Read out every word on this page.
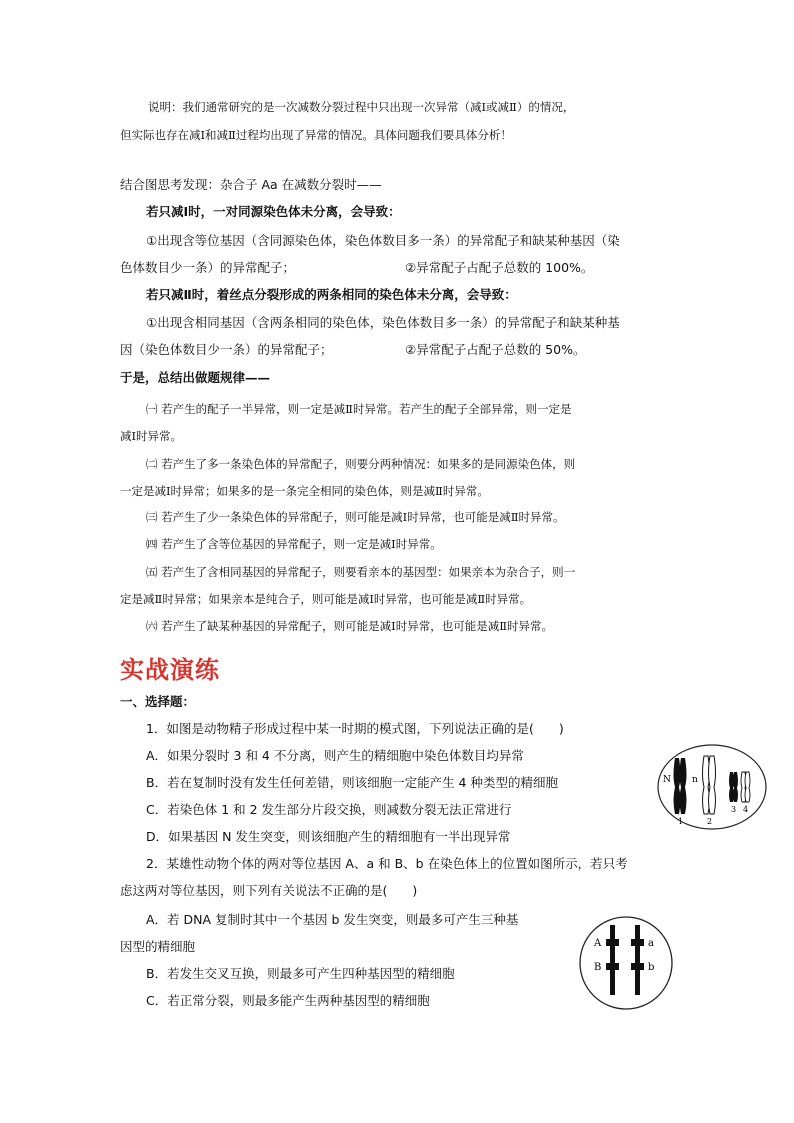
说明：我们通常研究的是一次减数分裂过程中只出现一次异常（减Ⅰ或减Ⅱ）的情况，
但实际也存在减Ⅰ和减Ⅱ过程均出现了异常的情况。具体问题我们要具体分析！
结合图思考发现：杂合子 Aa 在减数分裂时——
若只减Ⅰ时，一对同源染色体未分离，会导致：
①出现含等位基因（含同源染色体，染色体数目多一条）的异常配子和缺某种基因（染
色体数目少一条）的异常配子；	②异常配子占配子总数的 100%。
若只减Ⅱ时，着丝点分裂形成的两条相同的染色体未分离，会导致：
①出现含相同基因（含两条相同的染色体，染色体数目多一条）的异常配子和缺某种基
因（染色体数目少一条）的异常配子；	②异常配子占配子总数的 50%。
于是，总结出做题规律——
㈠ 若产生的配子一半异常，则一定是减Ⅱ时异常。若产生的配子全部异常，则一定是
减Ⅰ时异常。
㈡ 若产生了多一条染色体的异常配子，则要分两种情况：如果多的是同源染色体，则
一定是减Ⅰ时异常；如果多的是一条完全相同的染色体，则是减Ⅱ时异常。
㈢ 若产生了少一条染色体的异常配子，则可能是减Ⅰ时异常，也可能是减Ⅱ时异常。
㈣ 若产生了含等位基因的异常配子，则一定是减Ⅰ时异常。
㈤ 若产生了含相同基因的异常配子，则要看亲本的基因型：如果亲本为杂合子，则一
定是减Ⅱ时异常；如果亲本是纯合子，则可能是减Ⅰ时异常，也可能是减Ⅱ时异常。
㈥ 若产生了缺某种基因的异常配子，则可能是减Ⅰ时异常，也可能是减Ⅱ时异常。
实战演练
一、选择题：
1．如图是动物精子形成过程中某一时期的模式图，下列说法正确的是(　　)
A．如果分裂时 3 和 4 不分离，则产生的精细胞中染色体数目均异常
B．若在复制时没有发生任何差错，则该细胞一定能产生 4 种类型的精细胞
C．若染色体 1 和 2 发生部分片段交换，则减数分裂无法正常进行
D．如果基因 N 发生突变，则该细胞产生的精细胞有一半出现异常
N n
1	2
3 4
2．某雄性动物个体的两对等位基因 A、a 和 B、b 在染色体上的位置如图所示，若只考
虑这两对等位基因，则下列有关说法不正确的是(　　)
A．若 DNA 复制时其中一个基因 b 发生突变，则最多可产生三种基
因型的精细胞
B．若发生交叉互换，则最多可产生四种基因型的精细胞
C．若正常分裂，则最多能产生两种基因型的精细胞
A
B
a
b
